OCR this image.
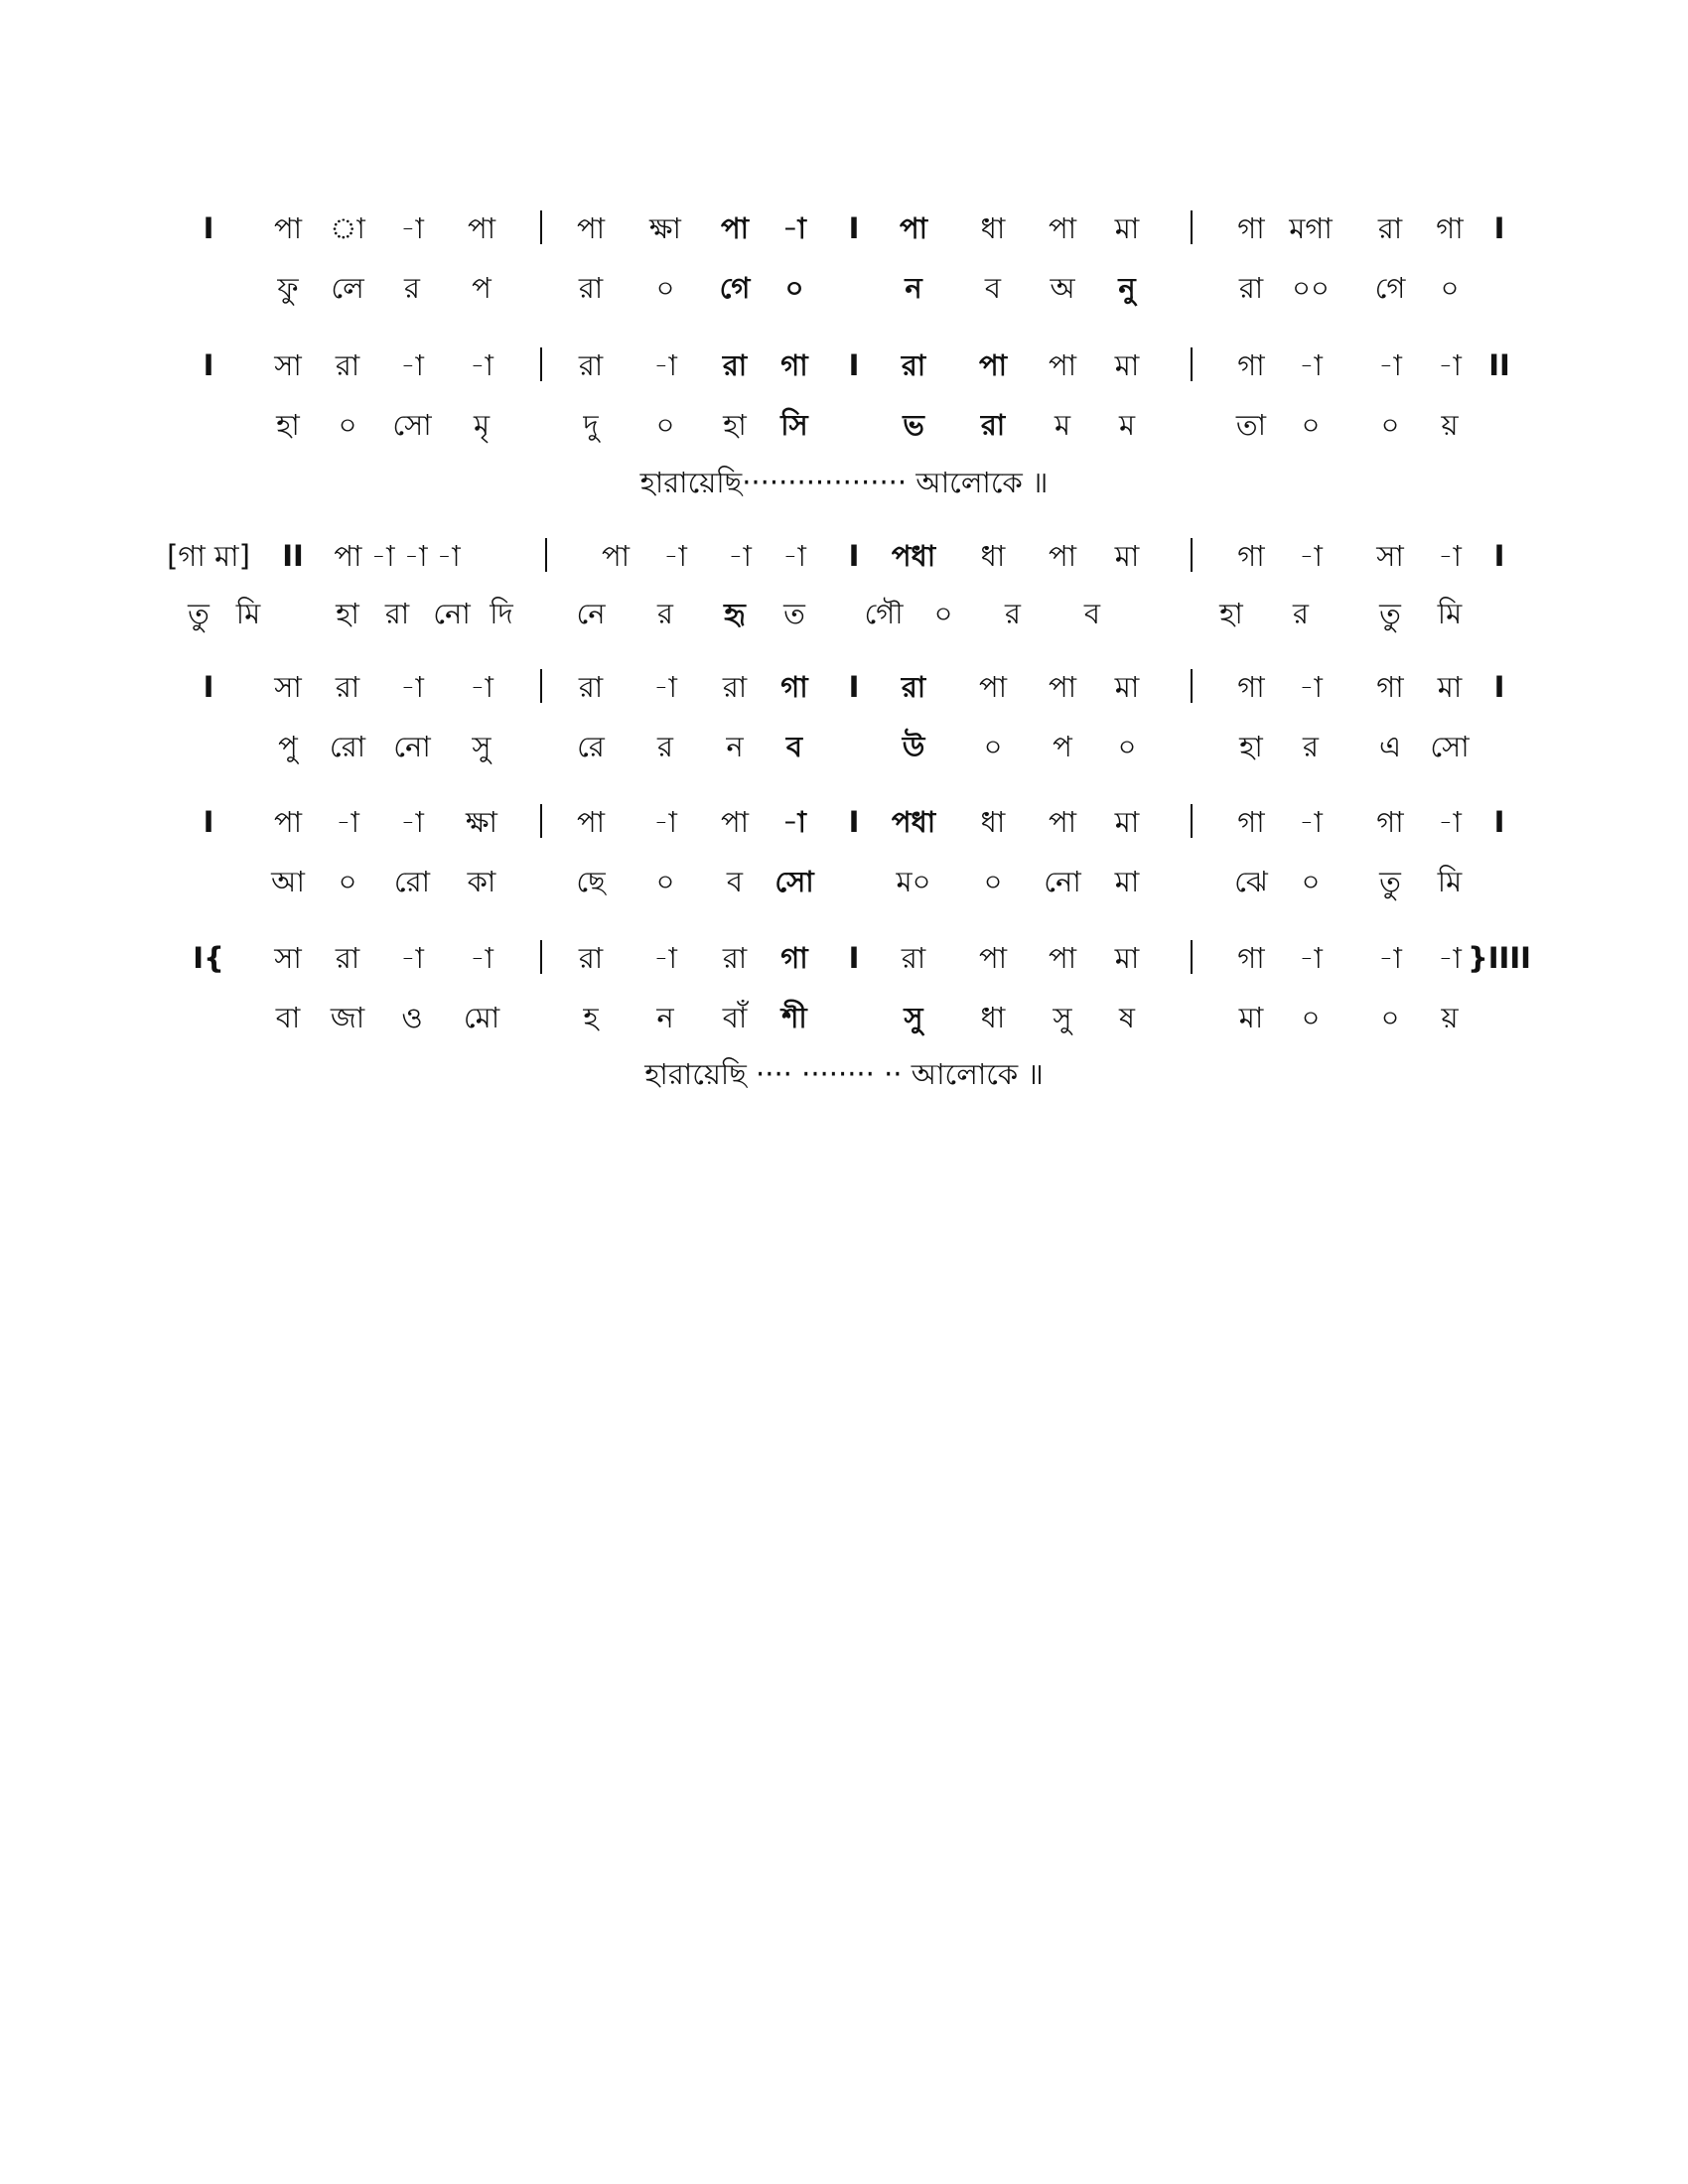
I পা া -া পা	পা ক্ষা পা -া I পা ধা পা মা	গা মগা রা গা I
ফু লে র প	রা ০ গে ০	ন ব অ নু	রা ০০ গে ০
I সা রা -া -া	রা -া রা গা I রা পা পা মা	গা -া -া -া II
হা ০ সো মৃ	দু ০ হা সি	ভ রা ম ম	তা ০ ০ য়
হারায়েছি·················· আলোকে ॥
[গা মা] II পা -া -া -া	পা -া -া -া I পধা ধা পা মা	গা -া সা -া I
তু মি	হা রা নো দি নে র হৃ ত গৌ ০ র ব	হা র তু মি
I সা রা -া -া	রা -া রা গা I রা পা পা মা	গা -া গা মা I
পু রো নো সু	রে র ন ব	উ ০ প ০	হা র এ সো
I পা -া -া ক্ষা	পা -া পা -া I পধা ধা পা মা	গা -া গা -া I
আ ০ রো কা	ছে ০ ব সো	ম০ ০ নো মা	ঝে ০ তু মি
I{ সা রা -া -া	রা -া রা গা I রা পা পা মা	গা -া -া -া }IIII
বা জা ও মো	হ ন বাঁ শী	সু ধা সু ষ	মা ০ ০ য়
হারায়েছি ···· ········ ·· আলোকে ॥
